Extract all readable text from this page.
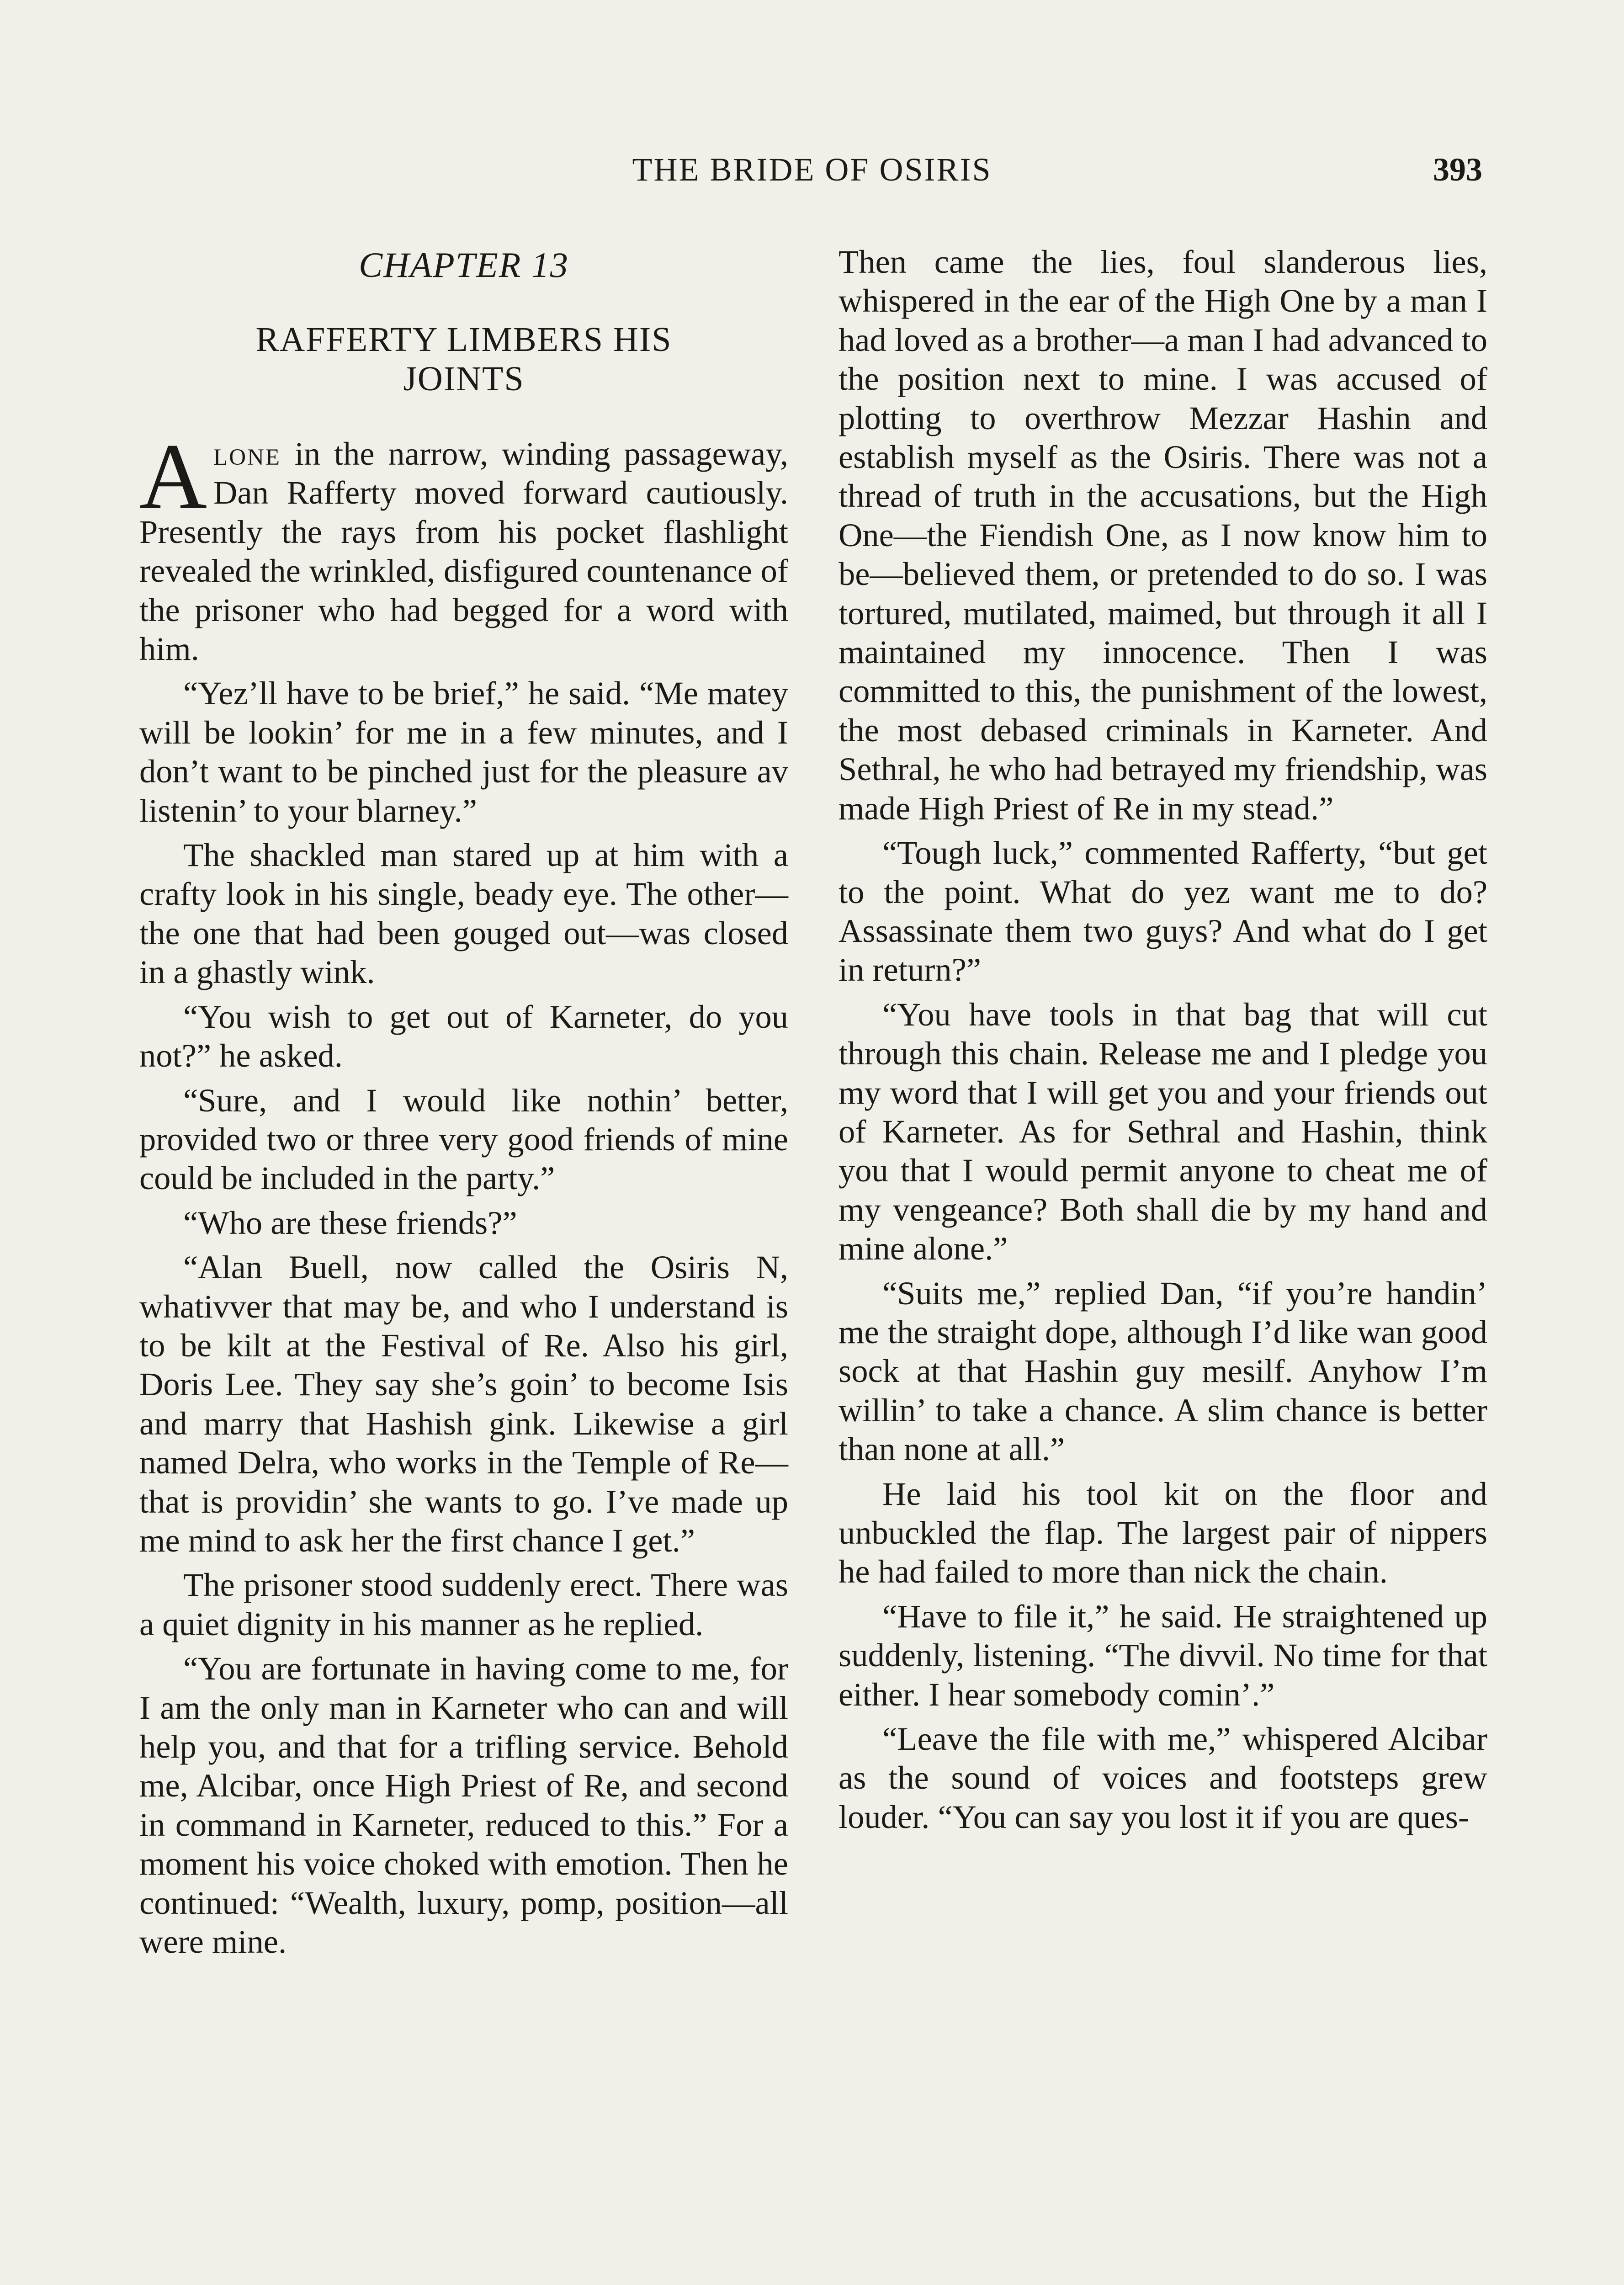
THE BRIDE OF OSIRIS	393
CHAPTER 13
RAFFERTY LIMBERS HIS JOINTS

Alone in the narrow, winding passageway, Dan Rafferty moved forward cautiously. Presently the rays from his pocket flashlight revealed the wrinkled, disfigured countenance of the prisoner who had begged for a word with him.

“Yez’ll have to be brief,” he said. “Me matey will be lookin’ for me in a few minutes, and I don’t want to be pinched just for the pleasure av listenin’ to your blarney.”

The shackled man stared up at him with a crafty look in his single, beady eye. The other—the one that had been gouged out—was closed in a ghastly wink.

“You wish to get out of Karneter, do you not?” he asked.

“Sure, and I would like nothin’ better, provided two or three very good friends of mine could be included in the party.”

“Who are these friends?”

“Alan Buell, now called the Osiris N, whativver that may be, and who I understand is to be kilt at the Festival of Re. Also his girl, Doris Lee. They say she’s goin’ to become Isis and marry that Hashish gink. Likewise a girl named Delra, who works in the Temple of Re—that is providin’ she wants to go. I’ve made up me mind to ask her the first chance I get.”

The prisoner stood suddenly erect. There was a quiet dignity in his manner as he replied.

“You are fortunate in having come to me, for I am the only man in Karneter who can and will help you, and that for a trifling service. Behold me, Alcibar, once High Priest of Re, and second in command in Karneter, reduced to this.” For a moment his voice choked with emotion. Then he continued: “Wealth, luxury, pomp, position—all were mine.

Then came the lies, foul slanderous lies, whispered in the ear of the High One by a man I had loved as a brother—a man I had advanced to the position next to mine. I was accused of plotting to overthrow Mezzar Hashin and establish myself as the Osiris. There was not a thread of truth in the accusations, but the High One—the Fiendish One, as I now know him to be—believed them, or pretended to do so. I was tortured, mutilated, maimed, but through it all I maintained my innocence. Then I was committed to this, the punishment of the lowest, the most debased criminals in Karneter. And Sethral, he who had betrayed my friendship, was made High Priest of Re in my stead.”

“Tough luck,” commented Rafferty, “but get to the point. What do yez want me to do? Assassinate them two guys? And what do I get in return?”

“You have tools in that bag that will cut through this chain. Release me and I pledge you my word that I will get you and your friends out of Karneter. As for Sethral and Hashin, think you that I would permit anyone to cheat me of my vengeance? Both shall die by my hand and mine alone.”

“Suits me,” replied Dan, “if you’re handin’ me the straight dope, although I’d like wan good sock at that Hashin guy mesilf. Anyhow I’m willin’ to take a chance. A slim chance is better than none at all.”

He laid his tool kit on the floor and unbuckled the flap. The largest pair of nippers he had failed to more than nick the chain.

“Have to file it,” he said. He straightened up suddenly, listening. “The divvil. No time for that either. I hear somebody comin’.”

“Leave the file with me,” whispered Alcibar as the sound of voices and footsteps grew louder. “You can say you lost it if you are ques-
